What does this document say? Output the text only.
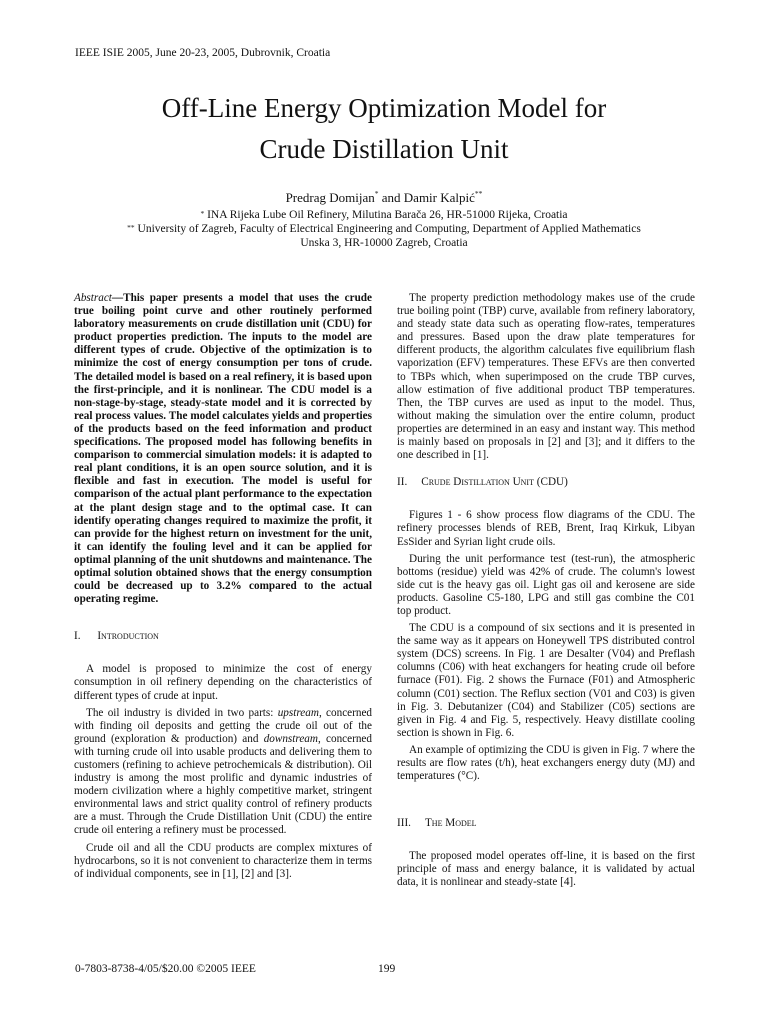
IEEE ISIE 2005, June 20-23, 2005, Dubrovnik, Croatia
Off-Line Energy Optimization Model for
Crude Distillation Unit
Predrag Domijan* and Damir Kalpić**
* INA Rijeka Lube Oil Refinery, Milutina Barača 26, HR-51000 Rijeka, Croatia
** University of Zagreb, Faculty of Electrical Engineering and Computing, Department of Applied Mathematics
Unska 3, HR-10000 Zagreb, Croatia

Abstract—This paper presents a model that uses the crude true boiling point curve and other routinely performed laboratory measurements on crude distillation unit (CDU) for product properties prediction. The inputs to the model are different types of crude. Objective of the optimization is to minimize the cost of energy consumption per tons of crude. The detailed model is based on a real refinery, it is based upon the first-principle, and it is nonlinear. The CDU model is a non-stage-by-stage, steady-state model and it is corrected by real process values. The model calculates yields and properties of the products based on the feed information and product specifications. The proposed model has following benefits in comparison to commercial simulation models: it is adapted to real plant conditions, it is an open source solution, and it is flexible and fast in execution. The model is useful for comparison of the actual plant performance to the expectation at the plant design stage and to the optimal case. It can identify operating changes required to maximize the profit, it can provide for the highest return on investment for the unit, it can identify the fouling level and it can be applied for optimal planning of the unit shutdowns and maintenance. The optimal solution obtained shows that the energy consumption could be decreased up to 3.2% compared to the actual operating regime.

I. Introduction

A model is proposed to minimize the cost of energy consumption in oil refinery depending on the characteristics of different types of crude at input.

The oil industry is divided in two parts: upstream, concerned with finding oil deposits and getting the crude oil out of the ground (exploration & production) and downstream, concerned with turning crude oil into usable products and delivering them to customers (refining to achieve petrochemicals & distribution). Oil industry is among the most prolific and dynamic industries of modern civilization where a highly competitive market, stringent environmental laws and strict quality control of refinery products are a must. Through the Crude Distillation Unit (CDU) the entire crude oil entering a refinery must be processed.

Crude oil and all the CDU products are complex mixtures of hydrocarbons, so it is not convenient to characterize them in terms of individual components, see in [1], [2] and [3].

The property prediction methodology makes use of the crude true boiling point (TBP) curve, available from refinery laboratory, and steady state data such as operating flow-rates, temperatures and pressures. Based upon the draw plate temperatures for different products, the algorithm calculates five equilibrium flash vaporization (EFV) temperatures. These EFVs are then converted to TBPs which, when superimposed on the crude TBP curves, allow estimation of five additional product TBP temperatures. Then, the TBP curves are used as input to the model. Thus, without making the simulation over the entire column, product properties are determined in an easy and instant way. This method is mainly based on proposals in [2] and [3]; and it differs to the one described in [1].

II. Crude Distillation Unit (CDU)

Figures 1 - 6 show process flow diagrams of the CDU. The refinery processes blends of REB, Brent, Iraq Kirkuk, Libyan EsSider and Syrian light crude oils.

During the unit performance test (test-run), the atmospheric bottoms (residue) yield was 42% of crude. The column's lowest side cut is the heavy gas oil. Light gas oil and kerosene are side products. Gasoline C5-180, LPG and still gas combine the C01 top product.

The CDU is a compound of six sections and it is presented in the same way as it appears on Honeywell TPS distributed control system (DCS) screens. In Fig. 1 are Desalter (V04) and Preflash columns (C06) with heat exchangers for heating crude oil before furnace (F01). Fig. 2 shows the Furnace (F01) and Atmospheric column (C01) section. The Reflux section (V01 and C03) is given in Fig. 3. Debutanizer (C04) and Stabilizer (C05) sections are given in Fig. 4 and Fig. 5, respectively. Heavy distillate cooling section is shown in Fig. 6.

An example of optimizing the CDU is given in Fig. 7 where the results are flow rates (t/h), heat exchangers energy duty (MJ) and temperatures (°C).

III. The Model

The proposed model operates off-line, it is based on the first principle of mass and energy balance, it is validated by actual data, it is nonlinear and steady-state [4].

0-7803-8738-4/05/$20.00 ©2005 IEEE	199
